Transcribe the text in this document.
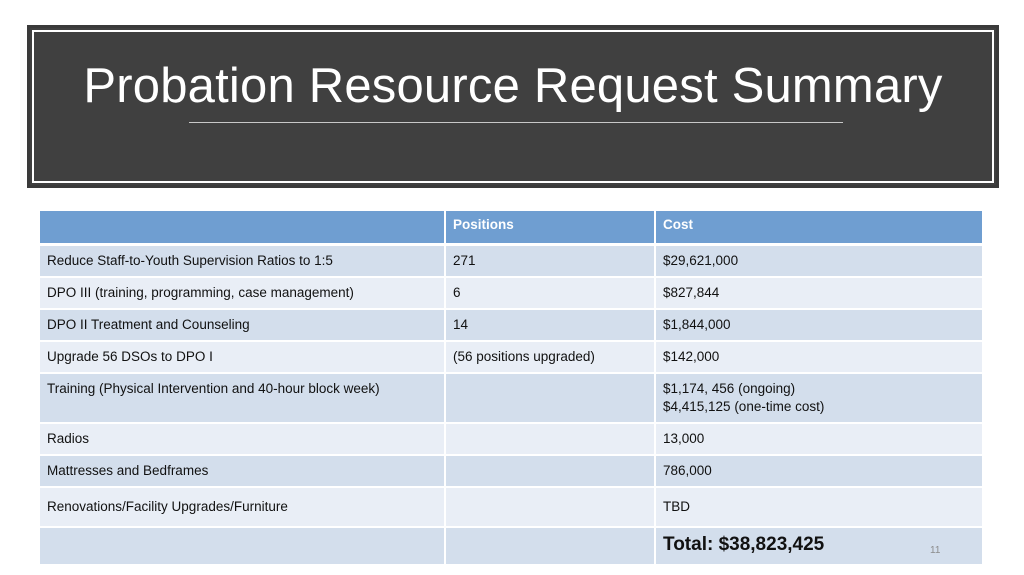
Probation Resource Request Summary
	Positions	Cost
Reduce Staff-to-Youth Supervision Ratios to 1:5	271	$29,621,000
DPO III (training, programming, case management)	6	$827,844
DPO II Treatment and Counseling	14	$1,844,000
Upgrade 56 DSOs to DPO I	(56 positions upgraded)	$142,000
Training (Physical Intervention and 40-hour block week)		$1,174, 456 (ongoing)
$4,415,125 (one-time cost)

Radios		13,000
Mattresses and Bedframes		786,000
Renovations/Facility Upgrades/Furniture		TBD
		Total: $38,823,425	11
